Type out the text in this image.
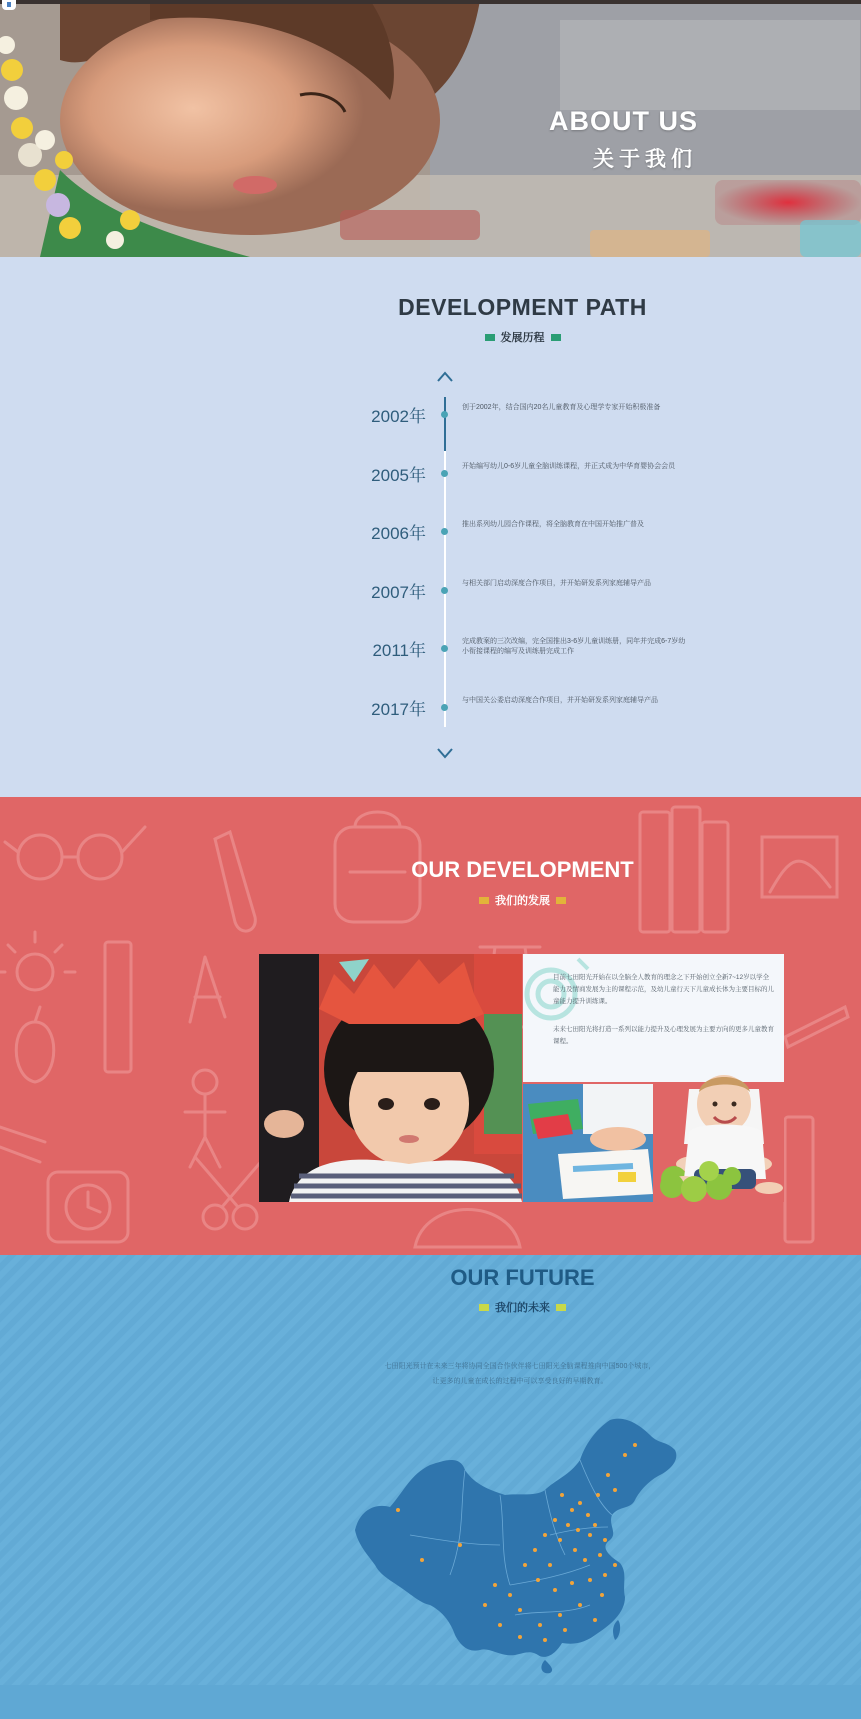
ABOUT US
关于我们
DEVELOPMENT PATH
发展历程
2002年	创于2002年，结合国内20名儿童教育及心理学专家开始积极准备
2005年	开始编写幼儿0-6岁儿童全脑训练课程，并正式成为中华育婴协会会员
2006年	推出系列幼儿园合作课程，将全脑教育在中国开始推广普及
2007年	与相关部门启动深度合作项目，并开始研发系列家庭辅导产品
2011年	完成教案的三次改编，完全国推出3-6岁儿童训练册，同年并完成6-7岁幼小衔接课程的编写及训练册完成工作
2017年	与中国关公委启动深度合作项目，并开始研发系列家庭辅导产品
OUR DEVELOPMENT
我们的发展

目前七田阳光开始在以全脑全人教育的理念之下开始创立全新7~12岁以学全能力及情商发展为主的课程示范，及幼儿童行天下儿童成长体为主要目标的儿童能力提升训练课。

未来七田阳光将打造一系列以能力提升及心理发展为主要方向的更多儿童教育课程。

OUR FUTURE
我们的未来

七田阳光预计在未来三年将协同全国合作伙伴将七田阳光全脑课程推向中国500个城市，

让更多的儿童在成长的过程中可以享受良好的早期教育。
